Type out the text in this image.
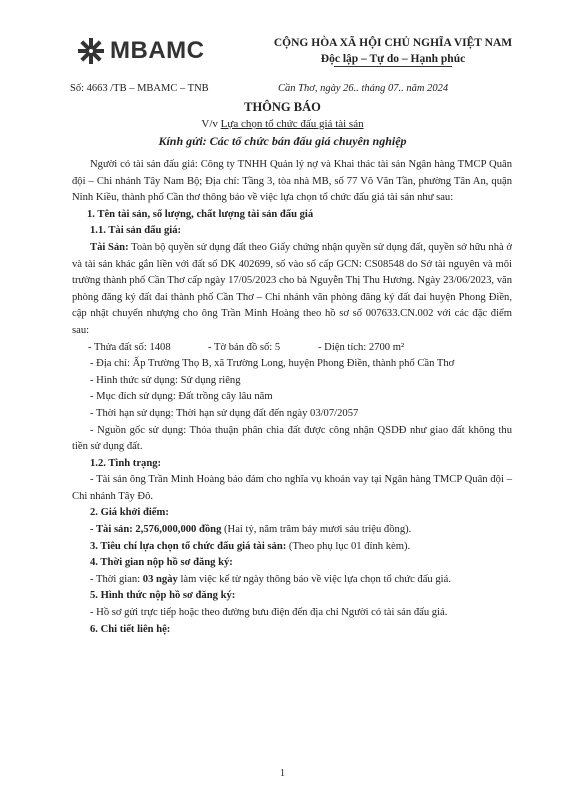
MBAMC	CỘNG HÒA XÃ HỘI CHỦ NGHĨA VIỆT NAM
Độc lập – Tự do – Hạnh phúc
Số: 4663 /TB – MBAMC – TNB	Cần Thơ, ngày 26.. tháng 07.. năm 2024
THÔNG BÁO
V/v Lựa chọn tổ chức đấu giá tài sản
Kính gửi: Các tổ chức bán đấu giá chuyên nghiệp

Người có tài sản đấu giá: Công ty TNHH Quản lý nợ và Khai thác tài sản Ngân hàng TMCP Quân đội – Chi nhánh Tây Nam Bộ; Địa chỉ: Tầng 3, tòa nhà MB, số 77 Võ Văn Tần, phường Tân An, quận Ninh Kiều, thành phố Cần thơ thông báo về việc lựa chọn tổ chức đấu giá tài sản như sau:

1. Tên tài sản, số lượng, chất lượng tài sản đấu giá

1.1. Tài sản đấu giá:

Tài Sản: Toàn bộ quyền sử dụng đất theo Giấy chứng nhận quyền sử dụng đất, quyền sở hữu nhà ở và tài sản khác gắn liền với đất số DK 402699, số vào sổ cấp GCN: CS08548 do Sở tài nguyên và môi trường thành phố Cần Thơ cấp ngày 17/05/2023 cho bà Nguyễn Thị Thu Hương. Ngày 23/06/2023, văn phòng đăng ký đất đai thành phố Cần Thơ – Chi nhánh văn phòng đăng ký đất đai huyện Phong Điền, cập nhật chuyển nhượng cho ông Trần Minh Hoàng theo hồ sơ số 007633.CN.002 với các đặc điểm sau:

- Thửa đất số: 1408	- Tờ bản đồ số: 5	- Diện tích: 2700 m²

- Địa chỉ: Ấp Trường Thọ B, xã Trường Long, huyện Phong Điền, thành phố Cần Thơ

- Hình thức sử dụng: Sử dụng riêng

- Mục đích sử dụng: Đất trồng cây lâu năm

- Thời hạn sử dụng: Thời hạn sử dụng đất đến ngày 03/07/2057

- Nguồn gốc sử dụng: Thỏa thuận phân chia đất được công nhận QSDĐ như giao đất không thu tiền sử dụng đất.

1.2. Tình trạng:

- Tài sản ông Trần Minh Hoàng bảo đảm cho nghĩa vụ khoản vay tại Ngân hàng TMCP Quân đội – Chi nhánh Tây Đô.

2. Giá khởi điểm:

- Tài sản: 2,576,000,000 đồng (Hai tỷ, năm trăm bảy mươi sáu triệu đồng).

3. Tiêu chí lựa chọn tổ chức đấu giá tài sản: (Theo phụ lục 01 đính kèm).

4. Thời gian nộp hồ sơ đăng ký:

- Thời gian: 03 ngày làm việc kể từ ngày thông báo về việc lựa chọn tổ chức đấu giá.

5. Hình thức nộp hồ sơ đăng ký:

- Hồ sơ gửi trực tiếp hoặc theo đường bưu điện đến địa chỉ Người có tài sản đấu giá.

6. Chi tiết liên hệ:

1
